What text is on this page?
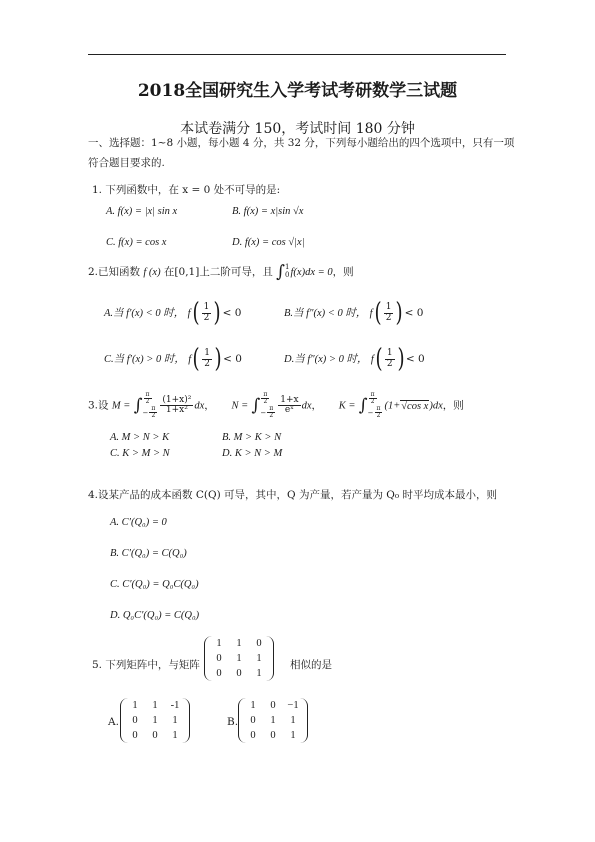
2018全国研究生入学考试考研数学三试题
本试卷满分 150，考试时间 180 分钟
一、选择题：1~8 小题，每小题 4 分，共 32 分，下列每小题给出的四个选项中，只有一项
符合题目要求的.
1. 下列函数中，在 x = 0 处不可导的是:
A. f(x) = |x| sin x	B. f(x) = x|sin √x
C. f(x) = cos x	D. f(x) = cos √|x|
2.已知函数 f (x) 在[0,1]上二阶可导，且 ∫1
0f(x)dx = 0，则
A.当 f′(x) < 0 时， $f( \frac{1}{2}$ ) < 0	B.当 f″(x) < 0 时， $f( \frac{1}{2}$ ) < 0
C.当 f′(x) > 0 时， $f( \frac{1}{2}$ ) < 0	D.当 f″(x) > 0 时， $f( \frac{1}{2}$ ) < 0
3.设 M = ∫ $\frac{\pi}{2}$

− $\frac{\pi}{2} \frac{\text{(1+x)²}}{\text{1+x²}}$ dx，     N = ∫ $\frac{\pi}{2}$

− $\frac{\pi}{2} \frac{1+x}{\text{eˣ}}$ dx，     K = ∫ $\frac{\pi}{2}$

− $\frac{\pi}{2} (1+√\cos$ x)dx，则
A. M > N > K	B. M > K > N
C. K > M > N	D. K > N > M
4.设某产品的成本函数 C(Q) 可导，其中，Q 为产量，若产量为 Q₀ 时平均成本最小，则
A. C′(Q₀) = 0
B. C′(Q₀) = C(Q₀)
C. C′(Q₀) = Q₀C(Q₀)
D. Q₀C′(Q₀) = C(Q₀)
5. 下列矩阵中，与矩阵
1	1	0
0	1	1
0	0	1
相似的是
A.
1	1	-1
0	1	1
0	0	1
B.
1	0	−1
0	1	1
0	0	1
